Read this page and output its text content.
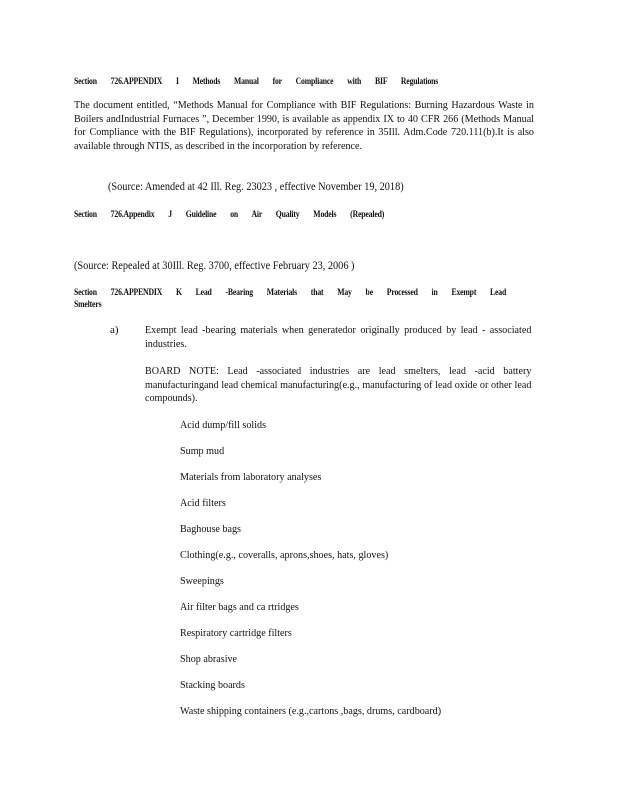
Section 726.APPENDIX I Methods Manual for Compliance with BIF Regulations
The document entitled, “Methods Manual for Compliance with BIF Regulations: Burning Hazardous Waste in Boilers andIndustrial Furnaces ”, December 1990, is available as appendix IX to 40 CFR 266 (Methods Manual for Compliance with the BIF Regulations), incorporated by reference in 35Ill. Adm.Code 720.111(b).It is also available through NTIS, as described in the incorporation by reference.
(Source: Amended at 42 Ill. Reg. 23023 , effective November 19, 2018)
Section 726.Appendix J Guideline on Air Quality Models (Repealed)
(Source: Repealed at 30Ill. Reg. 3700, effective February 23, 2006 )
Section 726.APPENDIX K Lead -Bearing Materials that May be Processed in Exempt Lead
Smelters
a) Exempt lead -bearing materials when generatedor originally produced by lead - associated industries.
BOARD NOTE: Lead -associated industries are lead smelters, lead -acid battery manufacturingand lead chemical manufacturing(e.g., manufacturing of lead oxide or other lead compounds).
Acid dump/fill solids
Sump mud
Materials from laboratory analyses
Acid filters
Baghouse bags
Clothing(e.g., coveralls, aprons,shoes, hats, gloves)
Sweepings
Air filter bags and ca rtridges
Respiratory cartridge filters
Shop abrasive
Stacking boards
Waste shipping containers (e.g.,cartons ,bags, drums, cardboard)
